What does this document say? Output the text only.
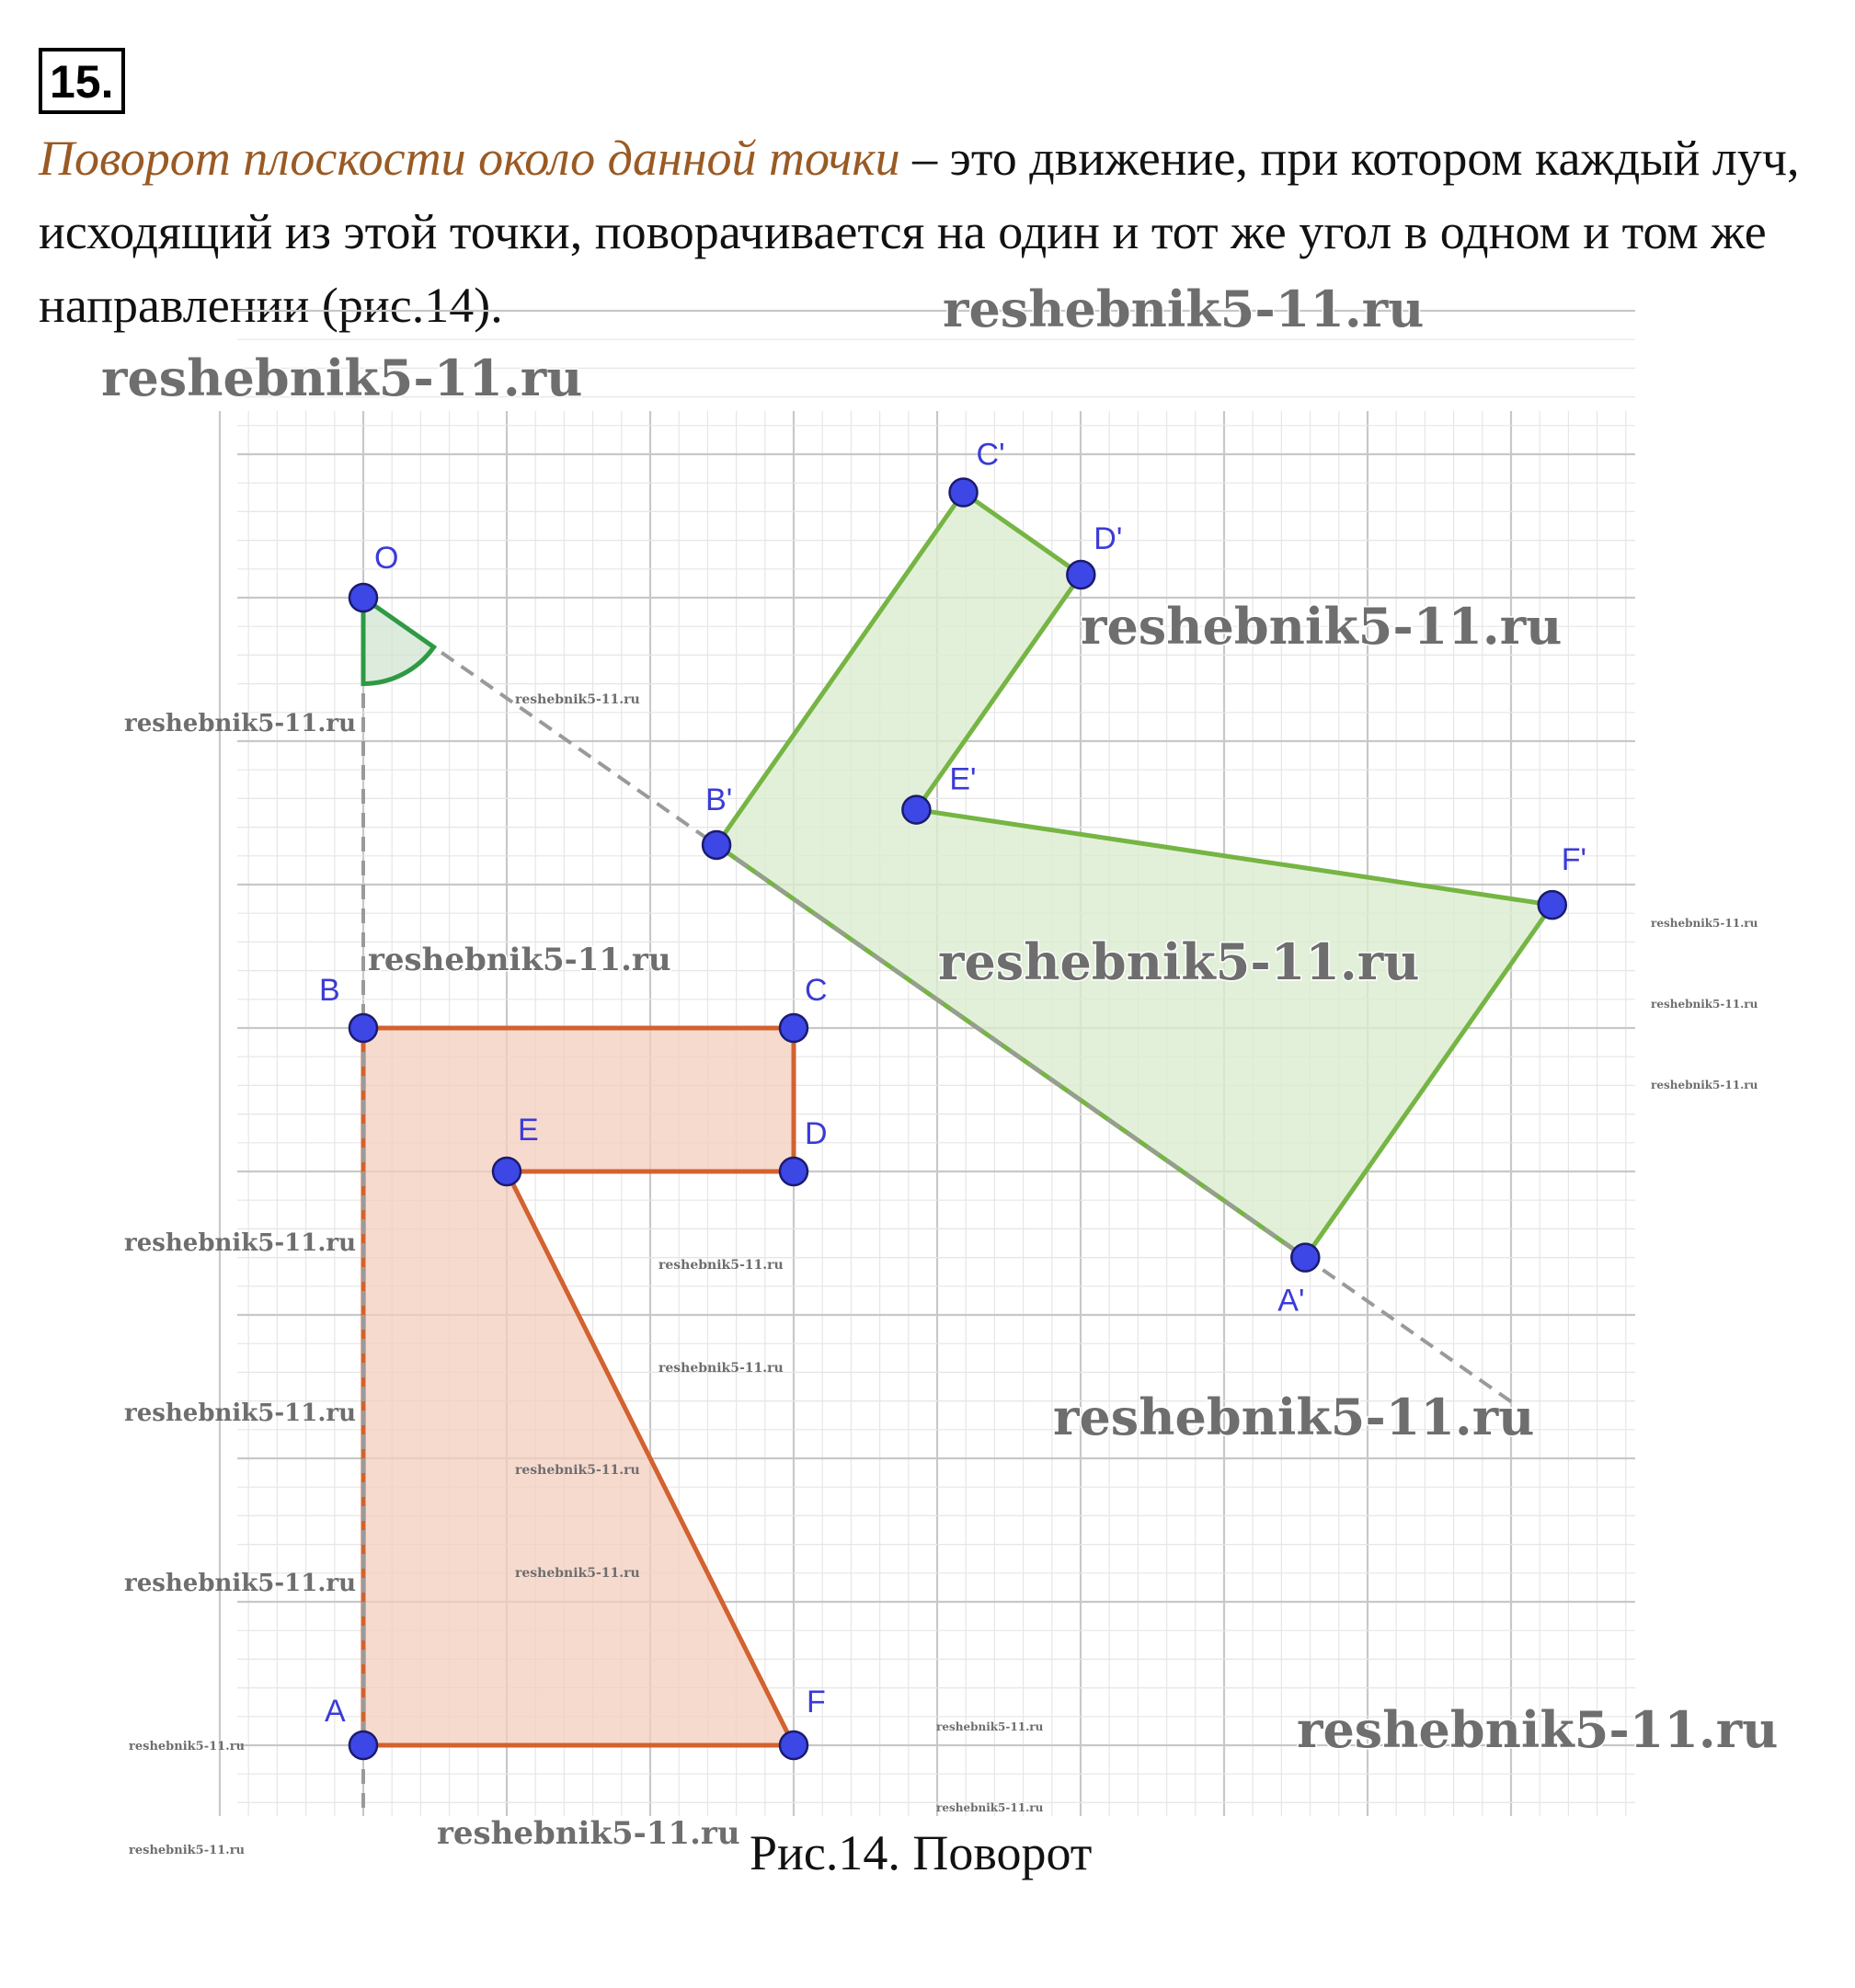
15.
Поворот плоскости около данной точки – это движение, при котором каждый луч, исходящий из этой точки, поворачивается на один и тот же угол в одном и том же направлении (рис.14).
O
A
B	C
D
E
F
A'
B'
C'
D'
E'
F'
reshebnik5-11.ru
reshebnik5-11.ru
reshebnik5-11.ru
reshebnik5-11.ru	reshebnik5-11.ru
reshebnik5-11.ru
reshebnik5-11.ru
reshebnik5-11.ru
reshebnik5-11.ru
reshebnik5-11.ru
reshebnik5-11.ru
reshebnik5-11.ru
reshebnik5-11.ru
reshebnik5-11.ru
reshebnik5-11.ru
reshebnik5-11.ru
reshebnik5-11.ru
reshebnik5-11.ru
reshebnik5-11.ru
reshebnik5-11.ru
reshebnik5-11.ru
reshebnik5-11.ru
reshebnik5-11.ru
reshebnik5-11.ru
Рис.14. Поворот
